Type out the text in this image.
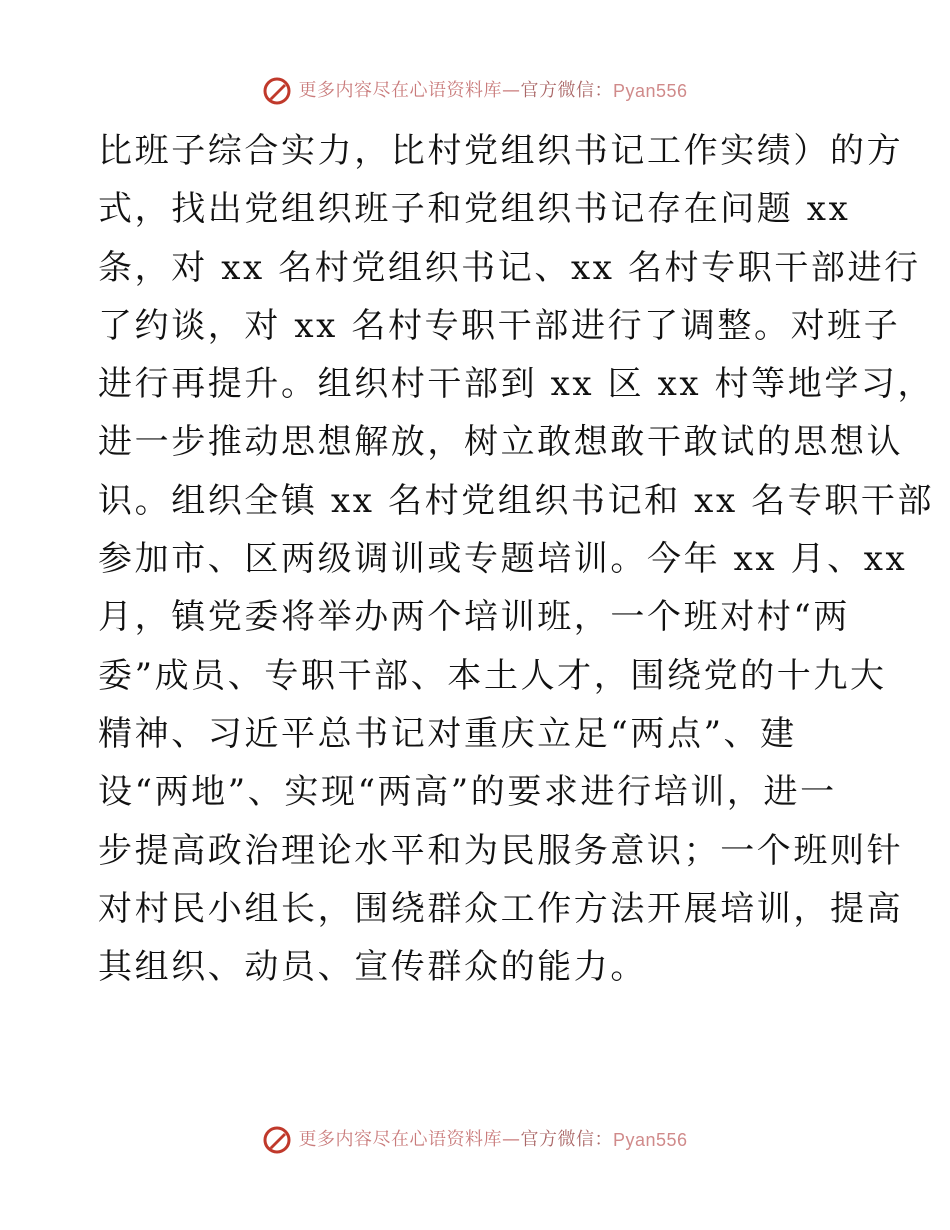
更多内容尽在心语资料库 — 官方微信： Pyan556
比班子综合实力，比村党组织书记工作实绩）的方
式，找出党组织班子和党组织书记存在问题 xx
条，对 xx 名村党组织书记、xx 名村专职干部进行
了约谈，对 xx 名村专职干部进行了调整。对班子
进行再提升。组织村干部到 xx 区 xx 村等地学习，
进一步推动思想解放，树立敢想敢干敢试的思想认
识。组织全镇 xx 名村党组织书记和 xx 名专职干部
参加市、区两级调训或专题培训。今年 xx 月、xx
月，镇党委将举办两个培训班，一个班对村“两
委”成员、专职干部、本土人才，围绕党的十九大
精神、习近平总书记对重庆立足“两点”、建
设“两地”、实现“两高”的要求进行培训，进一
步提高政治理论水平和为民服务意识；一个班则针
对村民小组长，围绕群众工作方法开展培训，提高
其组织、动员、宣传群众的能力。
更多内容尽在心语资料库 — 官方微信： Pyan556
